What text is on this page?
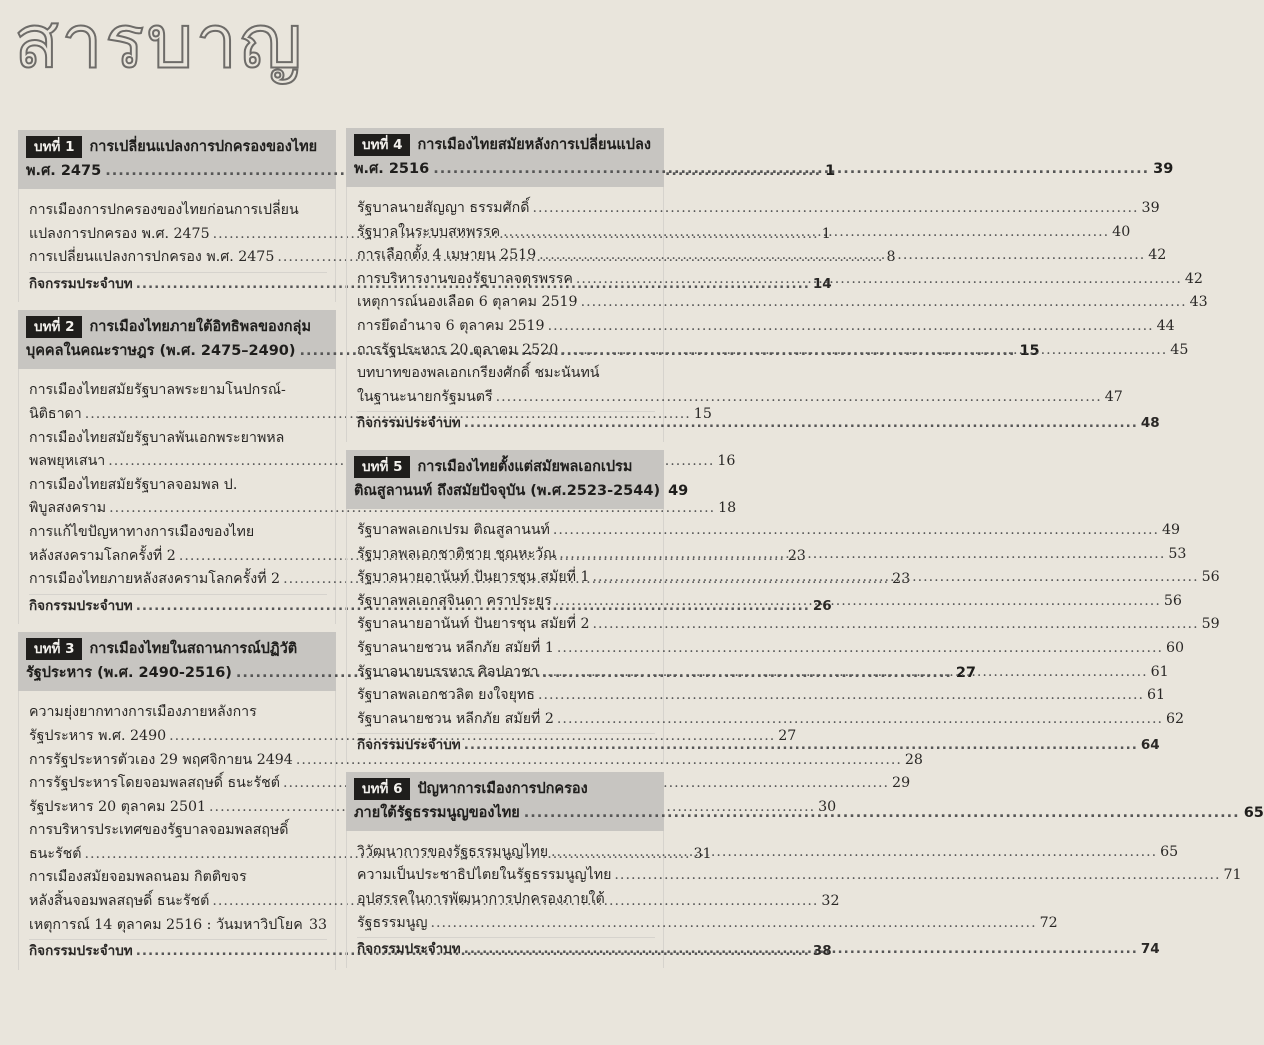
สารบาญ
บทที่ 1 การเปลี่ยนแปลงการปกครองของไทย
พ.ศ. 2475 .....	1
การเมืองการปกครองของไทยก่อนการเปลี่ยน
แปลงการปกครอง พ.ศ. 2475 .....	1
การเปลี่ยนแปลงการปกครอง พ.ศ. 2475 .....	8
กิจกรรมประจำบท .....	14
บทที่ 2 การเมืองไทยภายใต้อิทธิพลของกลุ่ม
บุคคลในคณะราษฎร (พ.ศ. 2475–2490) .....	15
การเมืองไทยสมัยรัฐบาลพระยามโนปกรณ์-
นิติธาดา .....	15
การเมืองไทยสมัยรัฐบาลพันเอกพระยาพหล
พลพยุหเสนา .....	16
การเมืองไทยสมัยรัฐบาลจอมพล ป.
พิบูลสงคราม .....	18
การแก้ไขปัญหาทางการเมืองของไทย
หลังสงครามโลกครั้งที่ 2 .....	23
การเมืองไทยภายหลังสงครามโลกครั้งที่ 2 .....	23
กิจกรรมประจำบท .....	26
บทที่ 3 การเมืองไทยในสถานการณ์ปฏิวัติ
รัฐประหาร (พ.ศ. 2490-2516) .....	27
ความยุ่งยากทางการเมืองภายหลังการ
รัฐประหาร พ.ศ. 2490 .....	27
การรัฐประหารตัวเอง 29 พฤศจิกายน 2494 .....	28
การรัฐประหารโดยจอมพลสฤษดิ์ ธนะรัชต์ .....	29
รัฐประหาร 20 ตุลาคม 2501 .....	30
การบริหารประเทศของรัฐบาลจอมพลสฤษดิ์
ธนะรัชต์ .....	31
การเมืองสมัยจอมพลถนอม กิตติขจร
หลังสิ้นจอมพลสฤษดิ์ ธนะรัชต์ .....	32
เหตุการณ์ 14 ตุลาคม 2516 : วันมหาวิปโยค ..... 33
กิจกรรมประจำบท .....	38
บทที่ 4 การเมืองไทยสมัยหลังการเปลี่ยนแปลง
พ.ศ. 2516 .....	39
รัฐบาลนายสัญญา ธรรมศักดิ์ .....	39
รัฐบาลในระบบสหพรรค .....	40
การเลือกตั้ง 4 เมษายน 2519 .....	42
การบริหารงานของรัฐบาลจตุรพรรค .....	42
เหตุการณ์นองเลือด 6 ตุลาคม 2519 .....	43
การยึดอำนาจ 6 ตุลาคม 2519 .....	44
การรัฐประหาร 20 ตุลาคม 2520 .....	45
บทบาทของพลเอกเกรียงศักดิ์ ชมะนันทน์
ในฐานะนายกรัฐมนตรี .....	47
กิจกรรมประจำบท .....	48
บทที่ 5 การเมืองไทยตั้งแต่สมัยพลเอกเปรม
ติณสูลานนท์ ถึงสมัยปัจจุบัน (พ.ศ.2523-2544) 49
รัฐบาลพลเอกเปรม ติณสูลานนท์ .....	49
รัฐบาลพลเอกชาติชาย ชุณหะวัณ .....	53
รัฐบาลนายอานันท์ ปันยารชุน สมัยที่ 1 .....	56
รัฐบาลพลเอกสุจินดา คราประยูร .....	56
รัฐบาลนายอานันท์ ปันยารชุน สมัยที่ 2 .....	59
รัฐบาลนายชวน หลีกภัย สมัยที่ 1 .....	60
รัฐบาลนายบรรหาร ศิลปอาชา .....	61
รัฐบาลพลเอกชวลิต ยงใจยุทธ .....	61
รัฐบาลนายชวน หลีกภัย สมัยที่ 2 .....	62
กิจกรรมประจำบท .....	64
บทที่ 6 ปัญหาการเมืองการปกครอง
ภายใต้รัฐธรรมนูญของไทย .....	65
วิวัฒนาการของรัฐธรรมนูญไทย .....	65
ความเป็นประชาธิปไตยในรัฐธรรมนูญไทย .....	71
อุปสรรคในการพัฒนาการปกครองภายใต้
รัฐธรรมนูญ .....	72
กิจกรรมประจำบท .....	74
